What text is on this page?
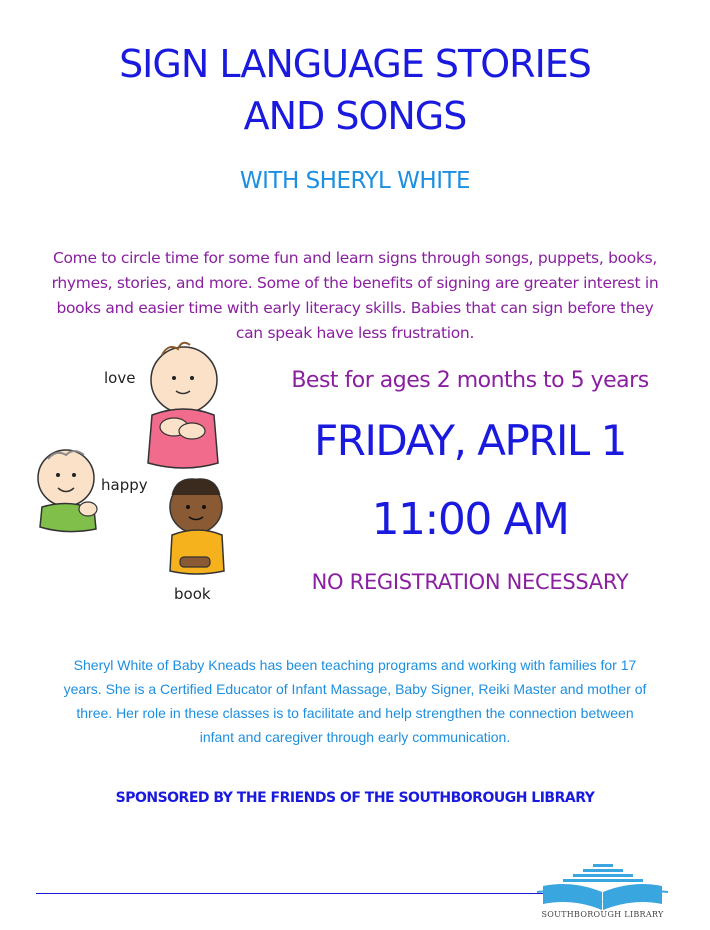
SIGN LANGUAGE STORIES
AND SONGS
WITH SHERYL WHITE
Come to circle time for some fun and learn signs through songs, puppets, books,
rhymes, stories, and more. Some of the benefits of signing are greater interest in
books and easier time with early literacy skills. Babies that can sign before they
can speak have less frustration.
love
happy
book
Best for ages 2 months to 5 years
FRIDAY, APRIL 1
11:00 AM
NO REGISTRATION NECESSARY
Sheryl White of Baby Kneads has been teaching programs and working with families for 17
years. She is a Certified Educator of Infant Massage, Baby Signer, Reiki Master and mother of
three. Her role in these classes is to facilitate and help strengthen the connection between
infant and caregiver through early communication.
SPONSORED BY THE FRIENDS OF THE SOUTHBOROUGH LIBRARY
SOUTHBOROUGH LIBRARY
